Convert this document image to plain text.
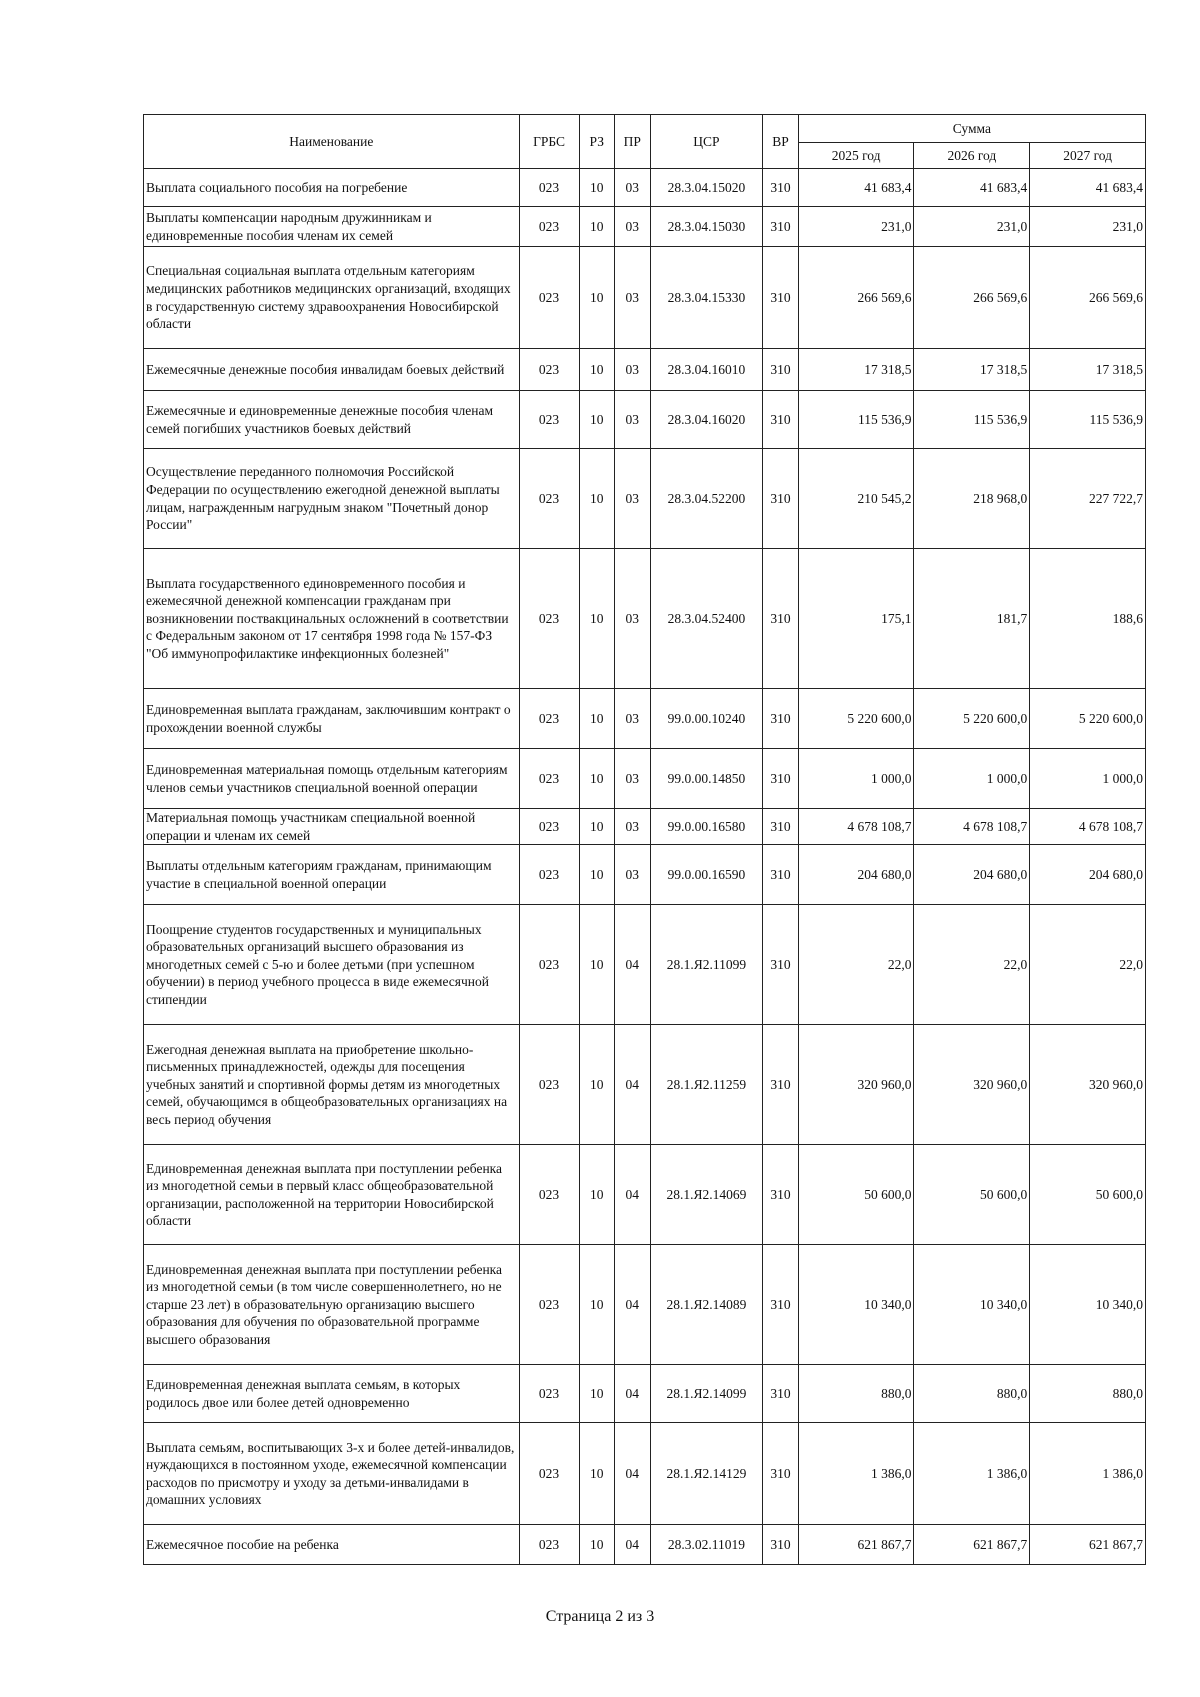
Наименование	ГРБС	РЗ	ПР	ЦСР	ВР	Сумма		
						2025 год	2026 год	2027 год
Выплата социального пособия на погребение	023	10	03	28.3.04.15020	310	41 683,4	41 683,4	41 683,4
Выплаты компенсации народным дружинникам и единовременные пособия членам их семей	023	10	03	28.3.04.15030	310	231,0	231,0	231,0
Специальная социальная выплата отдельным категориям медицинских работников медицинских организаций, входящих в государственную систему здравоохранения Новосибирской области	023	10	03	28.3.04.15330	310	266 569,6	266 569,6	266 569,6
Ежемесячные денежные пособия инвалидам боевых действий	023	10	03	28.3.04.16010	310	17 318,5	17 318,5	17 318,5
Ежемесячные и единовременные денежные пособия членам семей погибших участников боевых действий	023	10	03	28.3.04.16020	310	115 536,9	115 536,9	115 536,9
Осуществление переданного полномочия Российской Федерации по осуществлению ежегодной денежной выплаты лицам, награжденным нагрудным знаком "Почетный донор России"	023	10	03	28.3.04.52200	310	210 545,2	218 968,0	227 722,7
Выплата государственного единовременного пособия и ежемесячной денежной компенсации гражданам при возникновении поствакцинальных осложнений в соответствии с Федеральным законом от 17 сентября 1998 года № 157-ФЗ "Об иммунопрофилактике инфекционных болезней"	023	10	03	28.3.04.52400	310	175,1	181,7	188,6
Единовременная выплата гражданам, заключившим контракт о прохождении военной службы	023	10	03	99.0.00.10240	310	5 220 600,0	5 220 600,0	5 220 600,0
Единовременная материальная помощь отдельным категориям членов семьи участников специальной военной операции	023	10	03	99.0.00.14850	310	1 000,0	1 000,0	1 000,0
Материальная помощь участникам специальной военной операции и членам их семей	023	10	03	99.0.00.16580	310	4 678 108,7	4 678 108,7	4 678 108,7
Выплаты отдельным категориям гражданам, принимающим участие в специальной военной операции	023	10	03	99.0.00.16590	310	204 680,0	204 680,0	204 680,0
Поощрение студентов государственных и муниципальных образовательных организаций высшего образования из многодетных семей с 5-ю и более детьми (при успешном обучении) в период учебного процесса в виде ежемесячной стипендии	023	10	04	28.1.Я2.11099	310	22,0	22,0	22,0
Ежегодная денежная выплата на приобретение школьно-письменных принадлежностей, одежды для посещения учебных занятий и спортивной формы детям из многодетных семей, обучающимся в общеобразовательных организациях на весь период обучения	023	10	04	28.1.Я2.11259	310	320 960,0	320 960,0	320 960,0
Единовременная денежная выплата при поступлении ребенка из многодетной семьи в первый класс общеобразовательной организации, расположенной на территории Новосибирской области	023	10	04	28.1.Я2.14069	310	50 600,0	50 600,0	50 600,0
Единовременная денежная выплата при поступлении ребенка из многодетной семьи (в том числе совершеннолетнего, но не старше 23 лет) в образовательную организацию высшего образования для обучения по образовательной программе высшего образования	023	10	04	28.1.Я2.14089	310	10 340,0	10 340,0	10 340,0
Единовременная денежная выплата семьям, в которых родилось двое или более детей одновременно	023	10	04	28.1.Я2.14099	310	880,0	880,0	880,0
Выплата семьям, воспитывающих 3-х и более детей-инвалидов, нуждающихся в постоянном уходе, ежемесячной компенсации расходов по присмотру и уходу за детьми-инвалидами в домашних условиях	023	10	04	28.1.Я2.14129	310	1 386,0	1 386,0	1 386,0
Ежемесячное пособие на ребенка	023	10	04	28.3.02.11019	310	621 867,7	621 867,7	621 867,7
Страница 2 из 3
